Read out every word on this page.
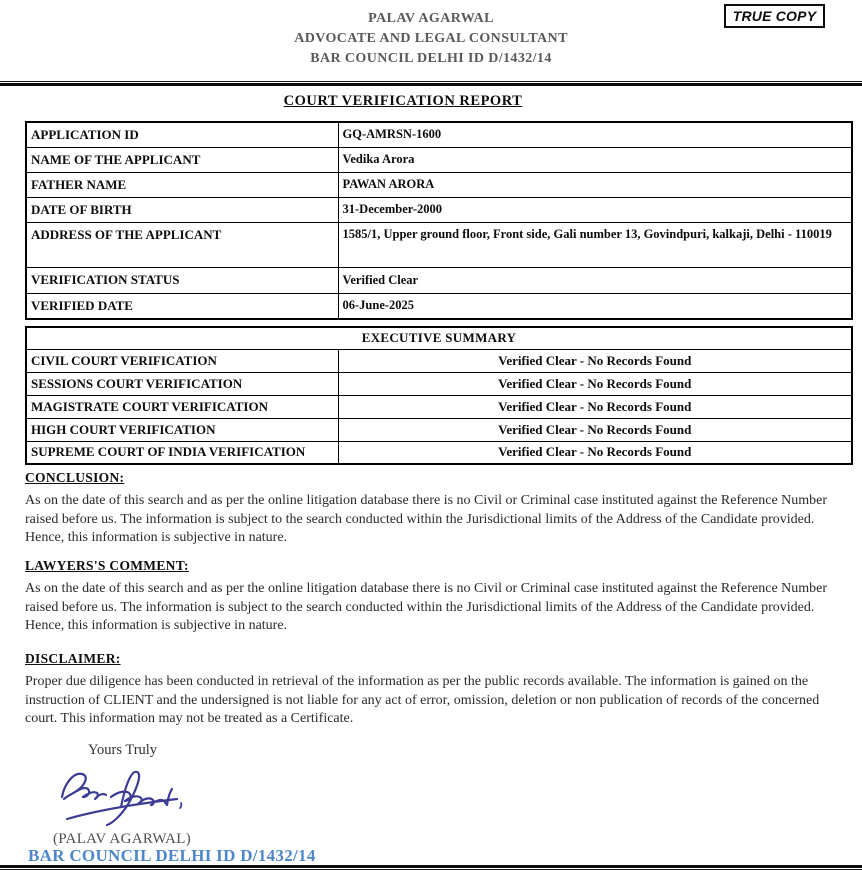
PALAV AGARWAL
ADVOCATE AND LEGAL CONSULTANT
BAR COUNCIL DELHI ID D/1432/14
TRUE COPY
COURT VERIFICATION REPORT
APPLICATION ID	GQ-AMRSN-1600
NAME OF THE APPLICANT	Vedika Arora
FATHER NAME	PAWAN ARORA
DATE OF BIRTH	31-December-2000
ADDRESS OF THE APPLICANT	1585/1, Upper ground floor, Front side, Gali number 13, Govindpuri, kalkaji, Delhi - 110019
VERIFICATION STATUS	Verified Clear
VERIFIED DATE	06-June-2025
EXECUTIVE SUMMARY	
CIVIL COURT VERIFICATION	Verified Clear - No Records Found
SESSIONS COURT VERIFICATION	Verified Clear - No Records Found
MAGISTRATE COURT VERIFICATION	Verified Clear - No Records Found
HIGH COURT VERIFICATION	Verified Clear - No Records Found
SUPREME COURT OF INDIA VERIFICATION	Verified Clear - No Records Found
CONCLUSION:

As on the date of this search and as per the online litigation database there is no Civil or Criminal case instituted against the Reference Number raised before us. The information is subject to the search conducted within the Jurisdictional limits of the Address of the Candidate provided. Hence, this information is subjective in nature.

LAWYERS'S COMMENT:

As on the date of this search and as per the online litigation database there is no Civil or Criminal case instituted against the Reference Number raised before us. The information is subject to the search conducted within the Jurisdictional limits of the Address of the Candidate provided. Hence, this information is subjective in nature.

DISCLAIMER:

Proper due diligence has been conducted in retrieval of the information as per the public records available. The information is gained on the instruction of CLIENT and the undersigned is not liable for any act of error, omission, deletion or non publication of records of the concerned court. This information may not be treated as a Certificate.

Yours Truly
(PALAV AGARWAL)
BAR COUNCIL DELHI ID D/1432/14
